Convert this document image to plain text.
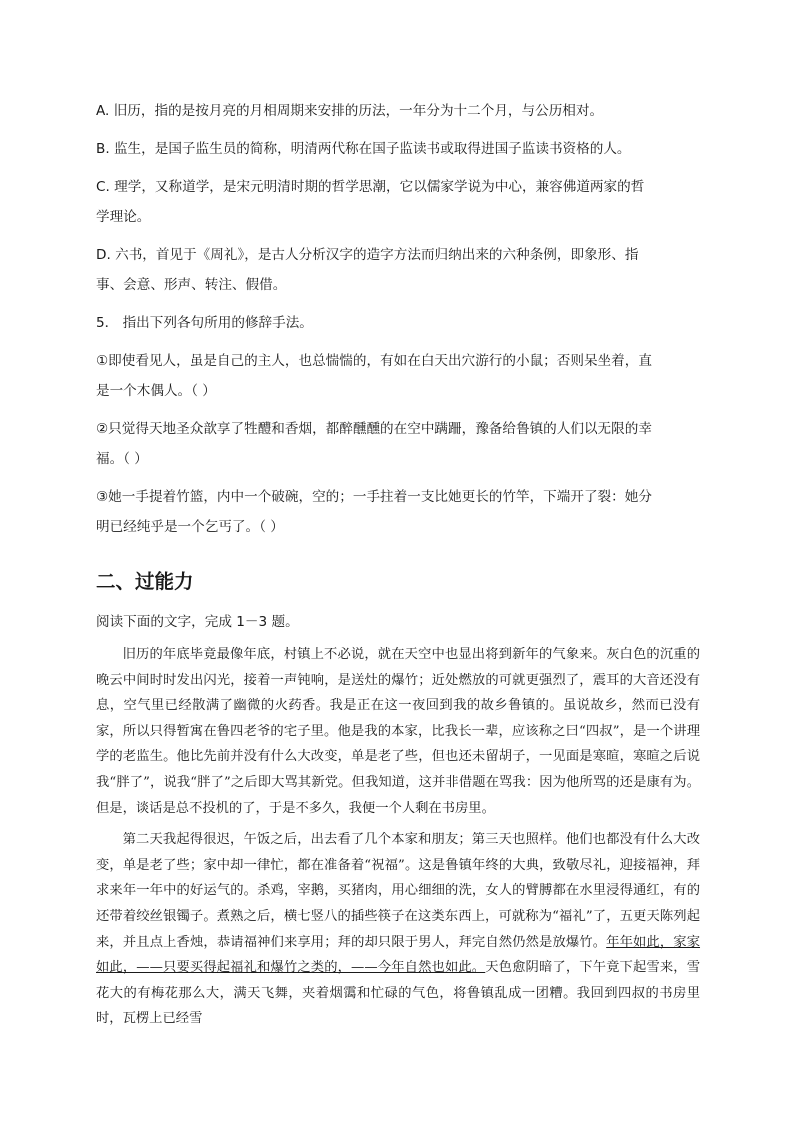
A. 旧历，指的是按月亮的月相周期来安排的历法，一年分为十二个月，与公历相对。

B. 监生，是国子监生员的简称，明清两代称在国子监读书或取得进国子监读书资格的人。

C. 理学，又称道学，是宋元明清时期的哲学思潮，它以儒家学说为中心，兼容佛道两家的哲

学理论。

D. 六书，首见于《周礼》，是古人分析汉字的造字方法而归纳出来的六种条例，即象形、指

事、会意、形声、转注、假借。

5． 指出下列各句所用的修辞手法。

①即使看见人，虽是自己的主人，也总惴惴的，有如在白天出穴游行的小鼠；否则呆坐着，直

是一个木偶人。（ ）

②只觉得天地圣众歆享了牲醴和香烟，都醉醺醺的在空中蹒跚，豫备给鲁镇的人们以无限的幸

福。（ ）

③她一手提着竹篮，内中一个破碗，空的；一手拄着一支比她更长的竹竿，下端开了裂：她分

明已经纯乎是一个乞丐了。（ ）

二、过能力

阅读下面的文字，完成 1－3 题。

旧历的年底毕竟最像年底，村镇上不必说，就在天空中也显出将到新年的气象来。灰白色的沉重的晚云中间时时发出闪光，接着一声钝响，是送灶的爆竹；近处燃放的可就更强烈了，震耳的大音还没有息，空气里已经散满了幽微的火药香。我是正在这一夜回到我的故乡鲁镇的。虽说故乡，然而已没有家，所以只得暂寓在鲁四老爷的宅子里。他是我的本家，比我长一辈，应该称之曰“四叔”，是一个讲理学的老监生。他比先前并没有什么大改变，单是老了些，但也还未留胡子，一见面是寒暄，寒暄之后说我“胖了”，说我“胖了”之后即大骂其新党。但我知道，这并非借题在骂我：因为他所骂的还是康有为。但是，谈话是总不投机的了，于是不多久，我便一个人剩在书房里。

第二天我起得很迟，午饭之后，出去看了几个本家和朋友；第三天也照样。他们也都没有什么大改变，单是老了些；家中却一律忙，都在准备着“祝福”。这是鲁镇年终的大典，致敬尽礼，迎接福神，拜求来年一年中的好运气的。杀鸡，宰鹅，买猪肉，用心细细的洗，女人的臂膊都在水里浸得通红，有的还带着绞丝银镯子。煮熟之后，横七竖八的插些筷子在这类东西上，可就称为“福礼”了，五更天陈列起来，并且点上香烛，恭请福神们来享用；拜的却只限于男人，拜完自然仍然是放爆竹。年年如此，家家如此，——只要买得起福礼和爆竹之类的，——今年自然也如此。天色愈阴暗了，下午竟下起雪来，雪花大的有梅花那么大，满天飞舞，夹着烟霭和忙碌的气色，将鲁镇乱成一团糟。我回到四叔的书房里时，瓦楞上已经雪
